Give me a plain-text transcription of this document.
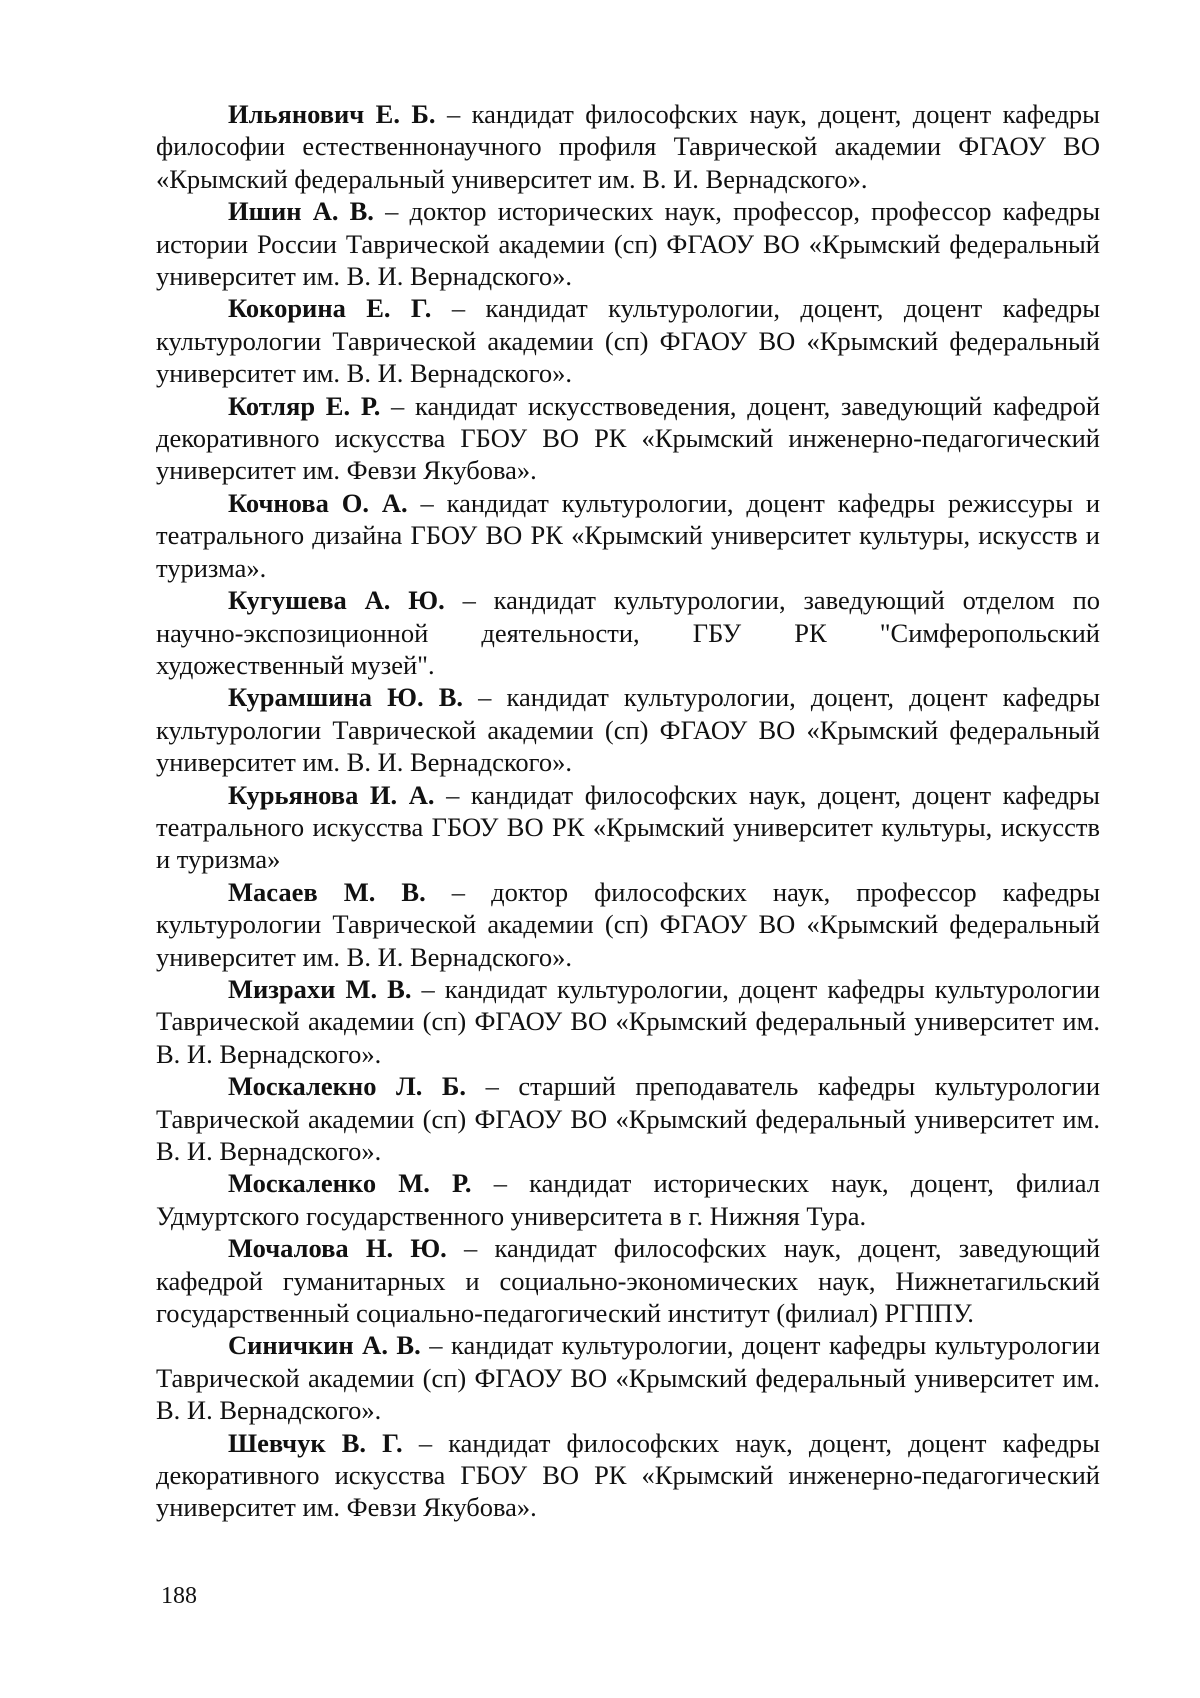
Ильянович Е. Б. – кандидат философских наук, доцент, доцент кафедры философии естественнонаучного профиля Таврической академии ФГАОУ ВО «Крымский федеральный университет им. В. И. Вернадского».

Ишин А. В. – доктор исторических наук, профессор, профессор кафедры истории России Таврической академии (сп) ФГАОУ ВО «Крымский федеральный университет им. В. И. Вернадского».

Кокорина Е. Г. – кандидат культурологии, доцент, доцент кафедры культурологии Таврической академии (сп) ФГАОУ ВО «Крымский федеральный университет им. В. И. Вернадского».

Котляр Е. Р. – кандидат искусствоведения, доцент, заведующий кафедрой декоративного искусства ГБОУ ВО РК «Крымский инженерно-педагогический университет им. Февзи Якубова».

Кочнова О. А. – кандидат культурологии, доцент кафедры режиссуры и театрального дизайна ГБОУ ВО РК «Крымский университет культуры, искусств и туризма».

Кугушева А. Ю. – кандидат культурологии, заведующий отделом по научно-экспозиционной деятельности, ГБУ РК "Симферопольский художественный музей".

Курамшина Ю. В. – кандидат культурологии, доцент, доцент кафедры культурологии Таврической академии (сп) ФГАОУ ВО «Крымский федеральный университет им. В. И. Вернадского».

Курьянова И. А. – кандидат философских наук, доцент, доцент кафедры театрального искусства ГБОУ ВО РК «Крымский университет культуры, искусств и туризма»

Масаев М. В. – доктор философских наук, профессор кафедры культурологии Таврической академии (сп) ФГАОУ ВО «Крымский федеральный университет им. В. И. Вернадского».

Мизрахи М. В. – кандидат культурологии, доцент кафедры культурологии Таврической академии (сп) ФГАОУ ВО «Крымский федеральный университет им. В. И. Вернадского».

Москалекно Л. Б. – старший преподаватель кафедры культурологии Таврической академии (сп) ФГАОУ ВО «Крымский федеральный университет им. В. И. Вернадского».

Москаленко М. Р. – кандидат исторических наук, доцент, филиал Удмуртского государственного университета в г. Нижняя Тура.

Мочалова Н. Ю. – кандидат философских наук, доцент, заведующий кафедрой гуманитарных и социально-экономических наук, Нижнетагильский государственный социально-педагогический институт (филиал) РГППУ.

Синичкин А. В. – кандидат культурологии, доцент кафедры культурологии Таврической академии (сп) ФГАОУ ВО «Крымский федеральный университет им. В. И. Вернадского».

Шевчук В. Г. – кандидат философских наук, доцент, доцент кафедры декоративного искусства ГБОУ ВО РК «Крымский инженерно-педагогический университет им. Февзи Якубова».

188
